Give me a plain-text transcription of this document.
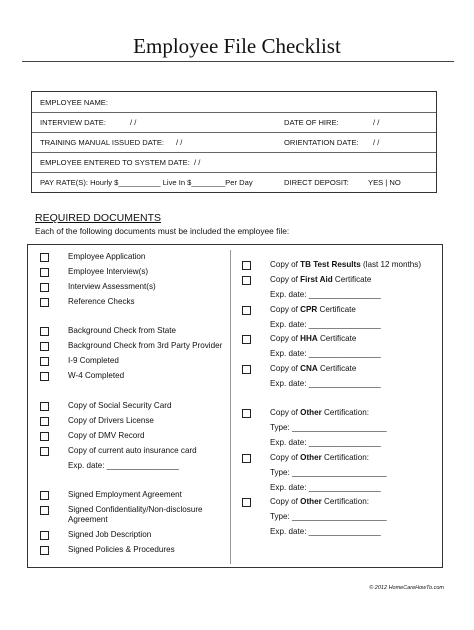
Employee File Checklist
EMPLOYEE NAME:
INTERVIEW DATE:	/ /	DATE OF HIRE:	/ /
TRAINING MANUAL ISSUED DATE: / /	ORIENTATION DATE: / /
EMPLOYEE ENTERED TO SYSTEM DATE: / /
PAY RATE(S): Hourly $__________ Live In $________Per Day	DIRECT DEPOSIT:	YES | NO
REQUIRED DOCUMENTS
Each of the following documents must be included the employee file:
Employee Application
Employee Interview(s)
Interview Assessment(s)
Reference Checks
Background Check from State
Background Check from 3rd Party Provider
I-9 Completed
W-4 Completed
Copy of Social Security Card
Copy of Drivers License
Copy of DMV Record
Copy of current auto insurance card
Exp. date: ________________
Signed Employment Agreement
Signed Confidentiality/Non-disclosure
Agreement
Signed Job Description
Signed Policies & Procedures
Copy of TB Test Results (last 12 months)
Copy of First Aid Certificate
Exp. date: ________________
Copy of CPR Certificate
Exp. date: ________________
Copy of HHA Certificate
Exp. date: ________________
Copy of CNA Certificate
Exp. date: ________________
Copy of Other Certification:
Type: _____________________
Exp. date: ________________
Copy of Other Certification:
Type: _____________________
Exp. date: ________________
Copy of Other Certification:
Type: _____________________
Exp. date: ________________
© 2012 HomeCareHowTo.com
